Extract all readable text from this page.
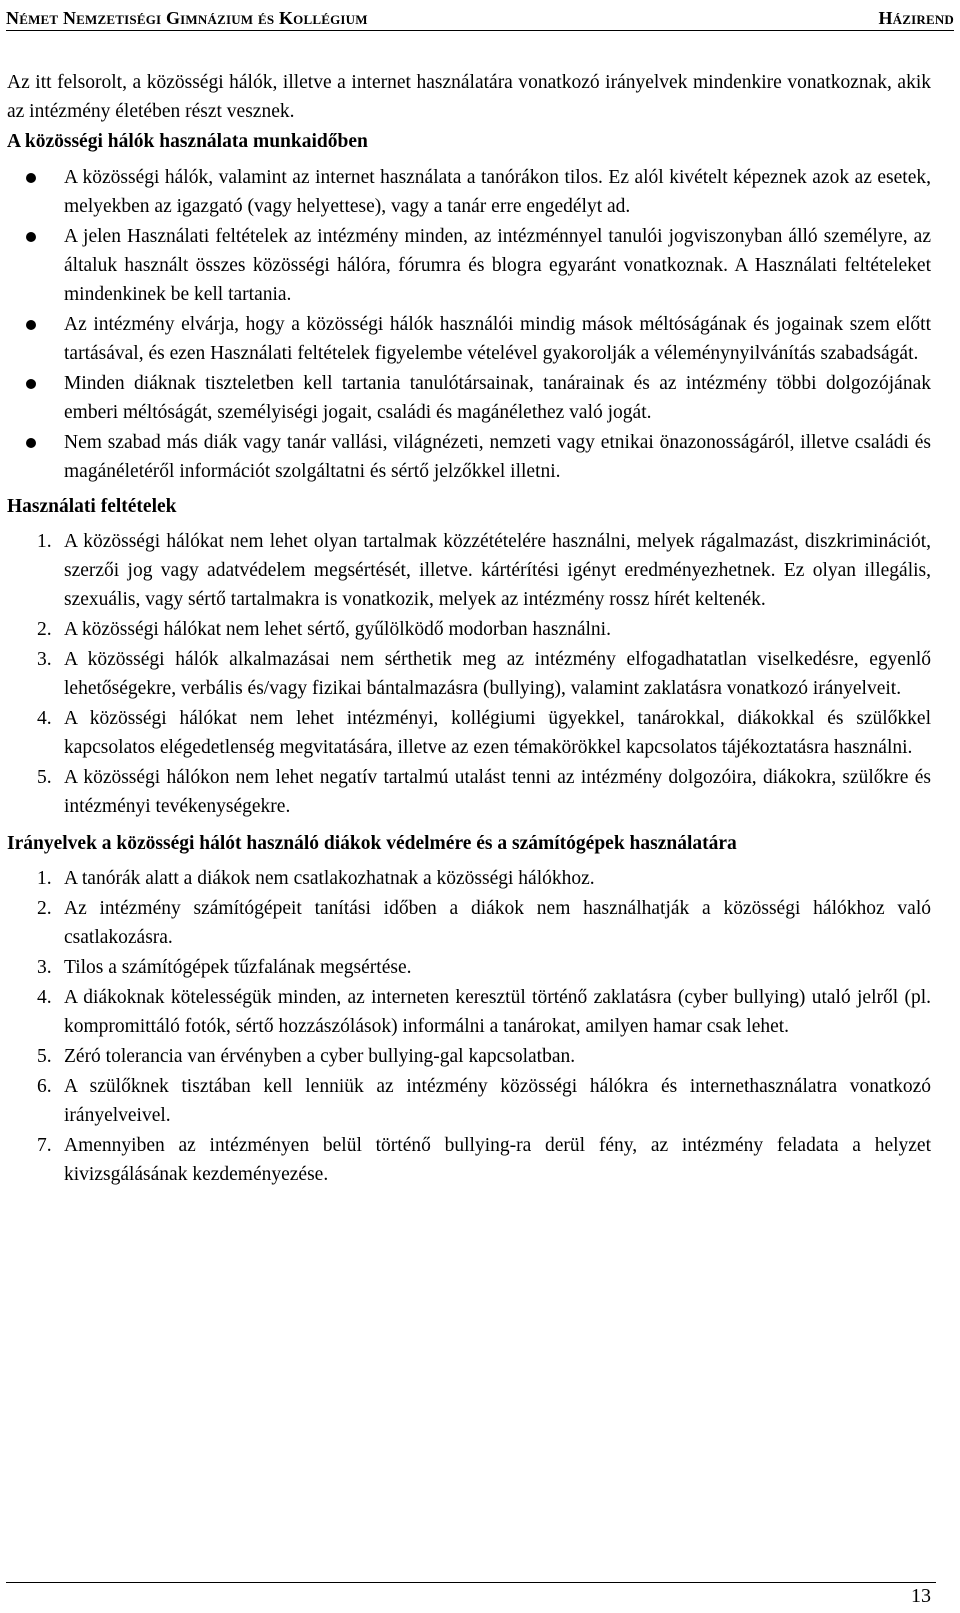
Német Nemzetiségi Gimnázium és Kollégium	Házirend

Az itt felsorolt, a közösségi hálók, illetve a internet használatára vonatkozó irányelvek mindenkire vonatkoznak, akik az intézmény életében részt vesznek.

A közösségi hálók használata munkaidőben
A közösségi hálók, valamint az internet használata a tanórákon tilos. Ez alól kivételt képeznek azok az esetek, melyekben az igazgató (vagy helyettese), vagy a tanár erre engedélyt ad.
A jelen Használati feltételek az intézmény minden, az intézménnyel tanulói jogviszonyban álló személyre, az általuk használt összes közösségi hálóra, fórumra és blogra egyaránt vonatkoznak. A Használati feltételeket mindenkinek be kell tartania.
Az intézmény elvárja, hogy a közösségi hálók használói mindig mások méltóságának és jogainak szem előtt tartásával, és ezen Használati feltételek figyelembe vételével gyakorolják a véleménynyilvánítás szabadságát.
Minden diáknak tiszteletben kell tartania tanulótársainak, tanárainak és az intézmény többi dolgozójának emberi méltóságát, személyiségi jogait, családi és magánélethez való jogát.
Nem szabad más diák vagy tanár vallási, világnézeti, nemzeti vagy etnikai önazonosságáról, illetve családi és magánéletéről információt szolgáltatni és sértő jelzőkkel illetni.
Használati feltételek
1. A közösségi hálókat nem lehet olyan tartalmak közzétételére használni, melyek rágalmazást, diszkriminációt, szerzői jog vagy adatvédelem megsértését, illetve. kártérítési igényt eredményezhetnek. Ez olyan illegális, szexuális, vagy sértő tartalmakra is vonatkozik, melyek az intézmény rossz hírét keltenék.
2. A közösségi hálókat nem lehet sértő, gyűlölködő modorban használni.
3. A közösségi hálók alkalmazásai nem sérthetik meg az intézmény elfogadhatatlan viselkedésre, egyenlő lehetőségekre, verbális és/vagy fizikai bántalmazásra (bullying), valamint zaklatásra vonatkozó irányelveit.
4. A közösségi hálókat nem lehet intézményi, kollégiumi ügyekkel, tanárokkal, diákokkal és szülőkkel kapcsolatos elégedetlenség megvitatására, illetve az ezen témakörökkel kapcsolatos tájékoztatásra használni.
5. A közösségi hálókon nem lehet negatív tartalmú utalást tenni az intézmény dolgozóira, diákokra, szülőkre és intézményi tevékenységekre.
Irányelvek a közösségi hálót használó diákok védelmére és a számítógépek használatára
1. A tanórák alatt a diákok nem csatlakozhatnak a közösségi hálókhoz.
2. Az intézmény számítógépeit tanítási időben a diákok nem használhatják a közösségi hálókhoz való csatlakozásra.
3. Tilos a számítógépek tűzfalának megsértése.
4. A diákoknak kötelességük minden, az interneten keresztül történő zaklatásra (cyber bullying) utaló jelről (pl. kompromittáló fotók, sértő hozzászólások) informálni a tanárokat, amilyen hamar csak lehet.
5. Zéró tolerancia van érvényben a cyber bullying-gal kapcsolatban.
6. A szülőknek tisztában kell lenniük az intézmény közösségi hálókra és internethasználatra vonatkozó irányelveivel.
7. Amennyiben az intézményen belül történő bullying-ra derül fény, az intézmény feladata a helyzet kivizsgálásának kezdeményezése.
13
